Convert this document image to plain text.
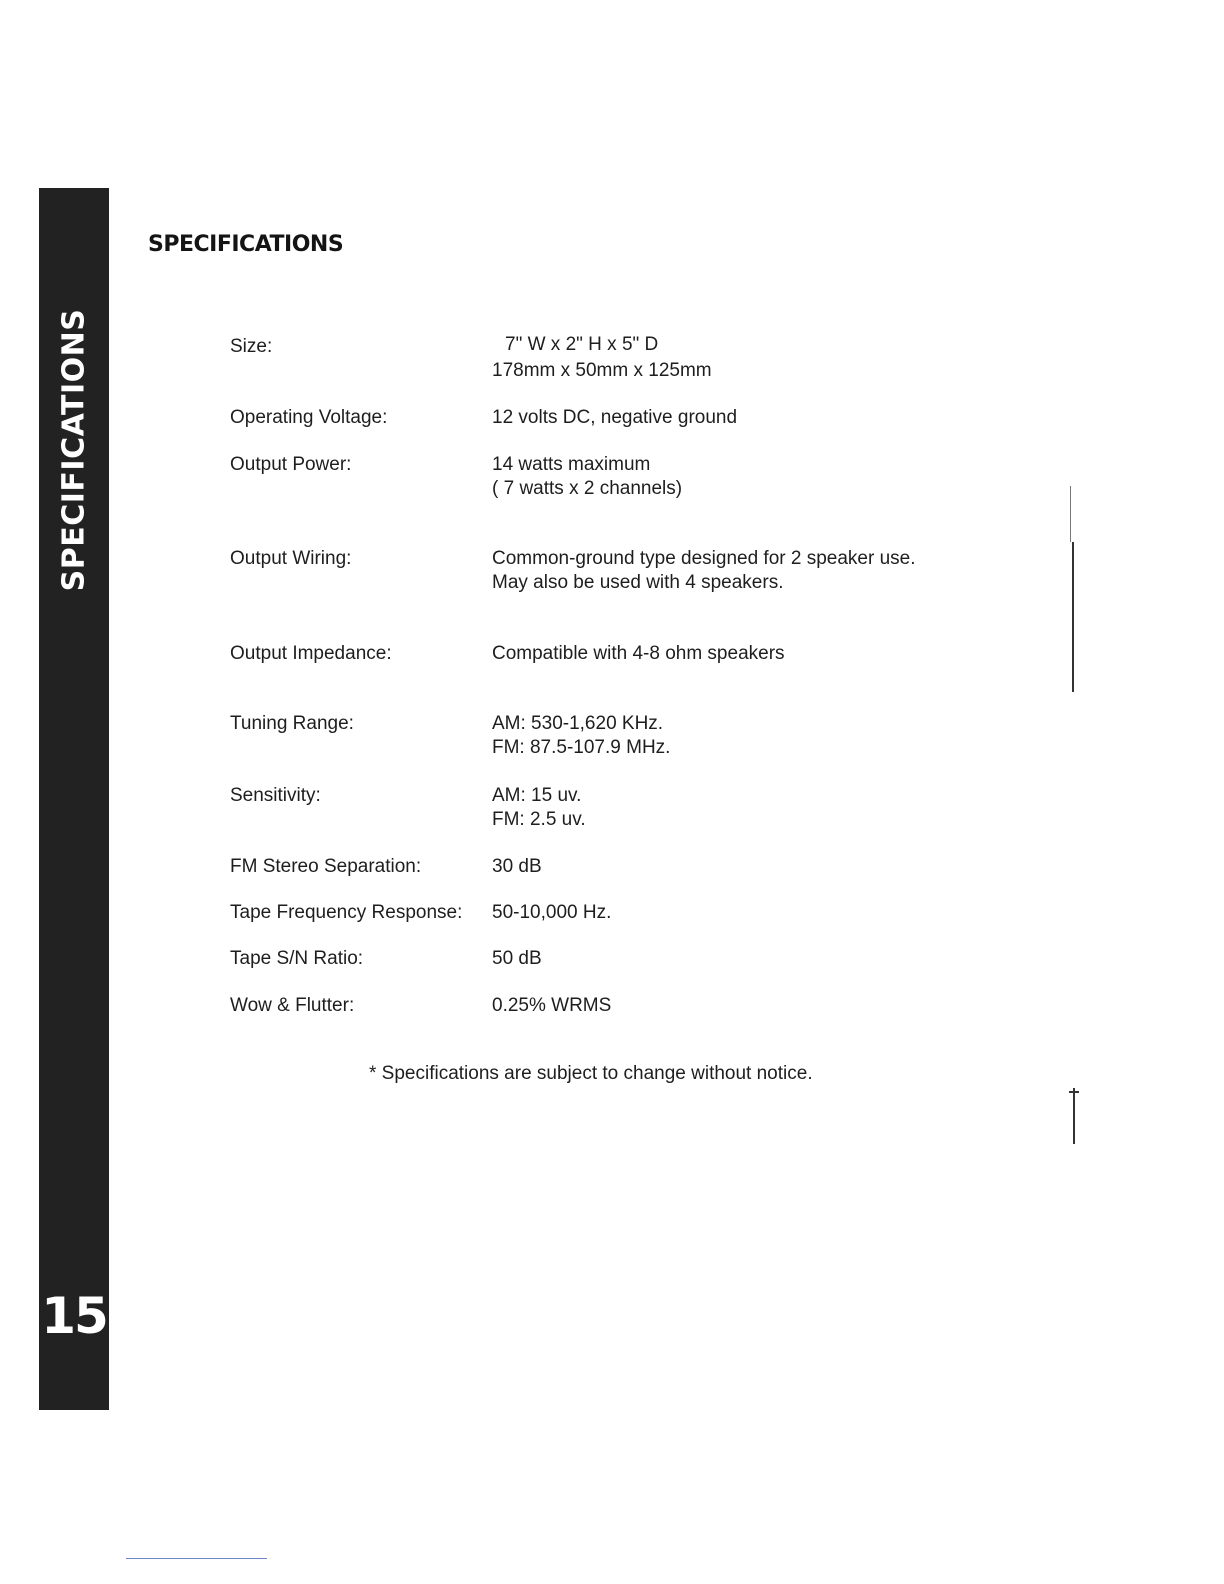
SPECIFICATIONS
15
SPECIFICATIONS
Size:	7" W x 2" H x 5" D
178mm x 50mm x 125mm
Operating Voltage:	12 volts DC, negative ground
Output Power:	14 watts maximum
( 7 watts x 2 channels)
Output Wiring:	Common-ground type designed for 2 speaker use.
May also be used with 4 speakers.
Output Impedance:	Compatible with 4-8 ohm speakers
Tuning Range:	AM: 530-1,620 KHz.
FM: 87.5-107.9 MHz.
Sensitivity:	AM: 15 uv.
FM: 2.5 uv.
FM Stereo Separation:	30 dB
Tape Frequency Response: 50-10,000 Hz.
Tape S/N Ratio:	50 dB
Wow & Flutter:	0.25% WRMS
* Specifications are subject to change without notice.
